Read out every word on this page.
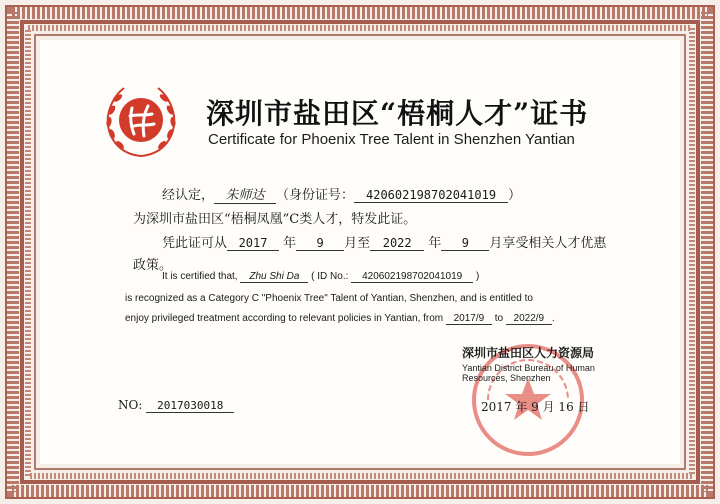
深圳市盐田区“梧桐人才”证书
Certificate for Phoenix Tree Talent in Shenzhen Yantian
经认定， 朱师达 （身份证号： 420602198702041019 ）
为深圳市盐田区“梧桐凤凰”C类人才，特发此证。
凭此证可从 2017 年 9 月至 2022 年 9 月享受相关人才优惠
政策。
It is certified that, Zhu Shi Da ( ID No.: 420602198702041019 )
is recognized as a Category C "Phoenix Tree" Talent of Yantian, Shenzhen, and is entitled to
enjoy privileged treatment according to relevant policies in Yantian, from 2017/9 to 2022/9 .
深圳市盐田区人力资源局
Yantian District Bureau of Human Resources, Shenzhen
NO: 2017030018	2017 年 9 月 16 日
